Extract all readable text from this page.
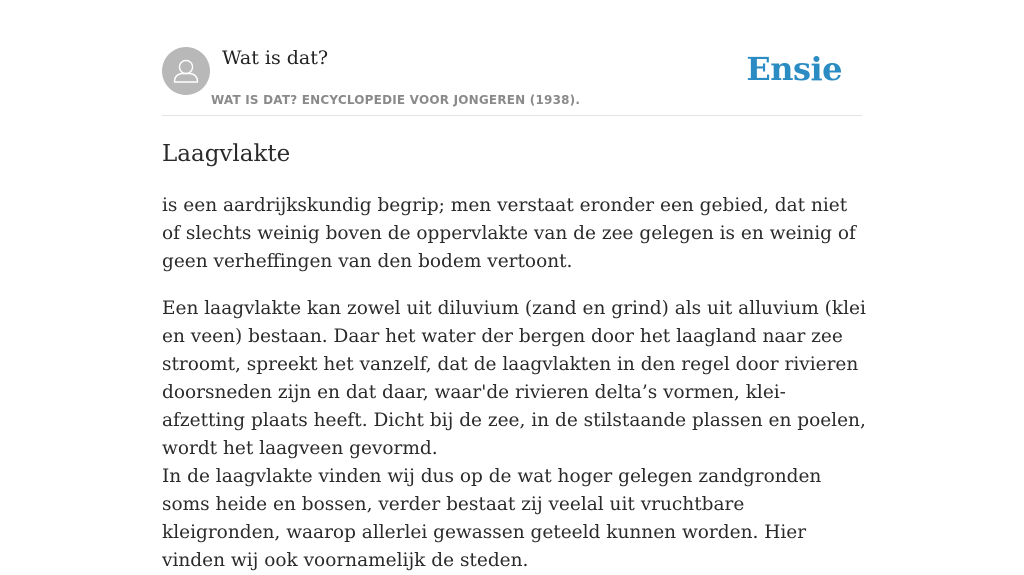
Wat is dat?
WAT IS DAT? ENCYCLOPEDIE VOOR JONGEREN (1938).
Ensie
Laagvlakte

is een aardrijkskundig begrip; men verstaat eronder een gebied, dat niet of slechts weinig boven de oppervlakte van de zee gelegen is en weinig of geen verheffingen van den bodem vertoont.

Een laagvlakte kan zowel uit diluvium (zand en grind) als uit alluvium (klei en veen) bestaan. Daar het water der bergen door het laagland naar zee stroomt, spreekt het vanzelf, dat de laagvlakten in den regel door rivieren doorsneden zijn en dat daar, waar'de rivieren delta’s vormen, klei-afzetting plaats heeft. Dicht bij de zee, in de stilstaande plassen en poelen, wordt het laagveen gevormd.

In de laagvlakte vinden wij dus op de wat hoger gelegen zandgronden soms heide en bossen, verder bestaat zij veelal uit vruchtbare kleigronden, waarop allerlei gewassen geteeld kunnen worden. Hier vinden wij ook voornamelijk de steden.
